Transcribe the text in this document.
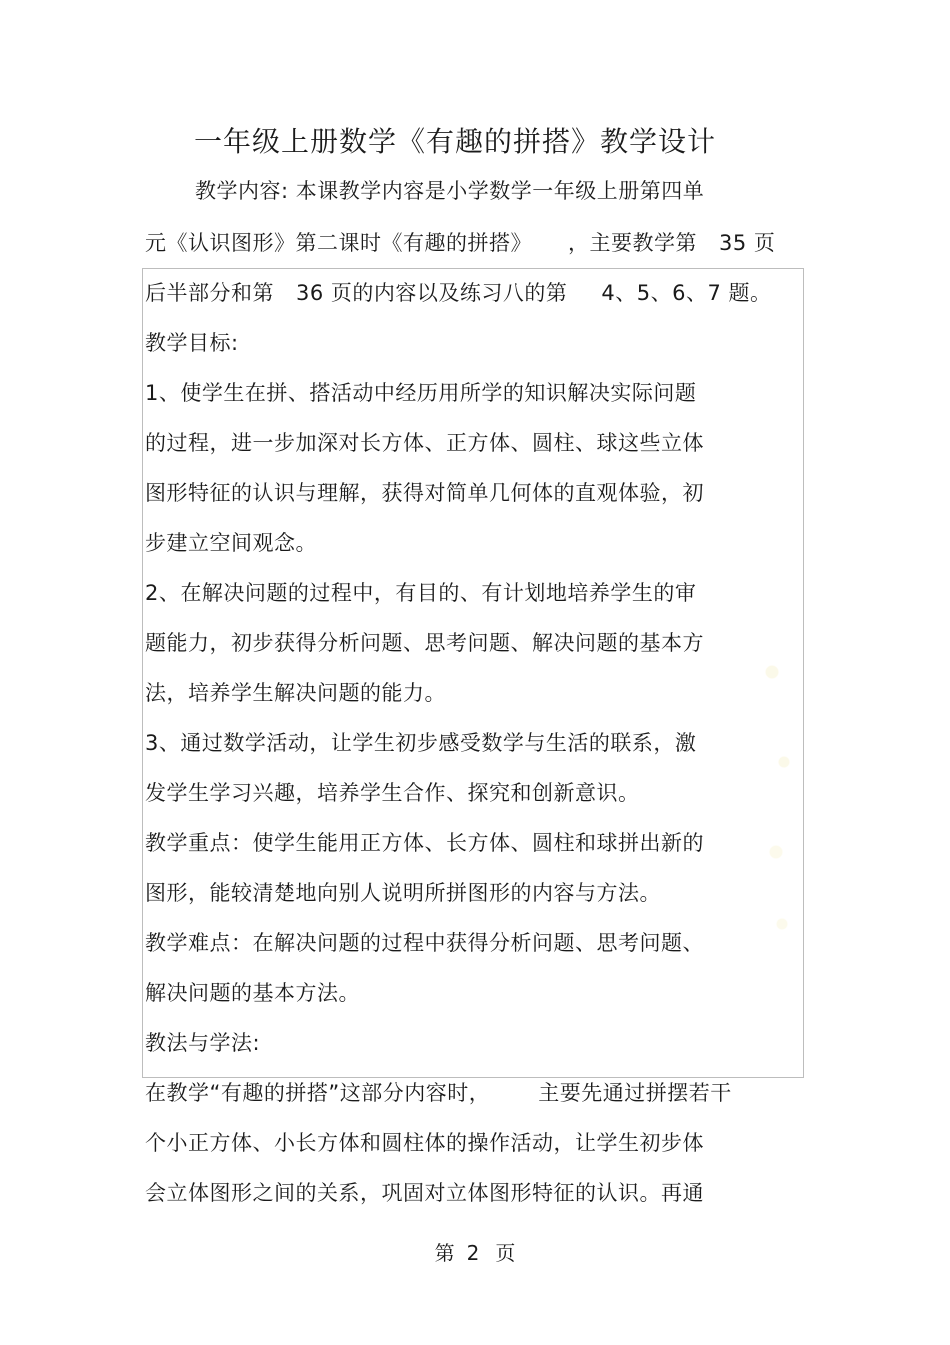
一年级上册数学《有趣的拼搭》教学设计
教学内容: 本课教学内容是小学数学一年级上册第四单
元《认识图形》第二课时《有趣的拼搭》 ，主要教学第 35 页
后半部分和第 36 页的内容以及练习八的第 4、5、6、7 题。
教学目标:
1、使学生在拼、搭活动中经历用所学的知识解决实际问题
的过程，进一步加深对长方体、正方体、圆柱、球这些立体
图形特征的认识与理解，获得对简单几何体的直观体验，初
步建立空间观念。
2、在解决问题的过程中，有目的、有计划地培养学生的审
题能力，初步获得分析问题、思考问题、解决问题的基本方
法，培养学生解决问题的能力。
3、通过数学活动，让学生初步感受数学与生活的联系，激
发学生学习兴趣，培养学生合作、探究和创新意识。
教学重点：使学生能用正方体、长方体、圆柱和球拼出新的
图形，能较清楚地向别人说明所拼图形的内容与方法。
教学难点：在解决问题的过程中获得分析问题、思考问题、
解决问题的基本方法。
教法与学法:
在教学“有趣的拼搭”这部分内容时， 主要先通过拼摆若干
个小正方体、小长方体和圆柱体的操作活动，让学生初步体
会立体图形之间的关系，巩固对立体图形特征的认识。再通
第 2 页
